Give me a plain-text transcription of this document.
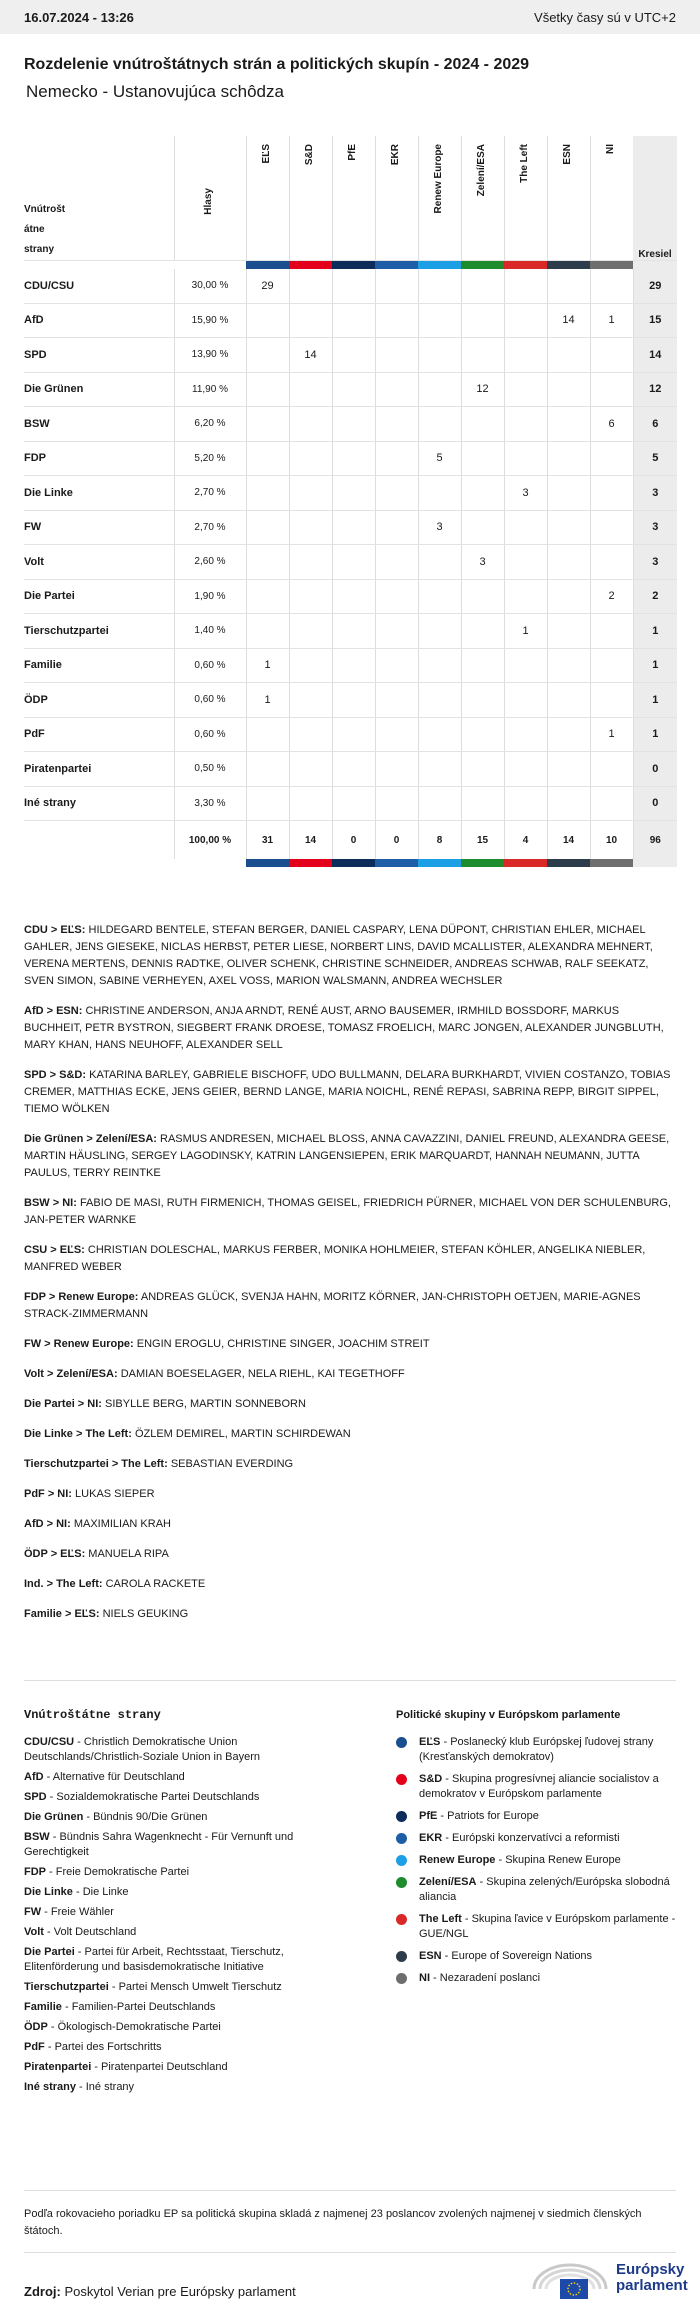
16.07.2024 - 13:26	Všetky časy sú v UTC+2
Rozdelenie vnútroštátnych strán a politických skupín - 2024 - 2029
Nemecko - Ustanovujúca schôdza
Vnútrošt
átne
strany	Hlasy	EĽS	S&D	PfE	EKR	Renew Europe	Zelení/ESA	The Left	ESN	NI	Kresiel

CDU/CSU	30,00 %	29									29
AfD	15,90 %								14	1	15
SPD	13,90 %		14								14
Die Grünen	11,90 %						12				12
BSW	6,20 %									6	6
FDP	5,20 %					5					5
Die Linke	2,70 %							3			3
FW	2,70 %					3					3
Volt	2,60 %						3				3
Die Partei	1,90 %									2	2
Tierschutzpartei	1,40 %							1			1
Familie	0,60 %	1									1
ÖDP	0,60 %	1									1
PdF	0,60 %									1	1
Piratenpartei	0,50 %										0
Iné strany	3,30 %										0
	100,00 %	31	14	0	0	8	15	4	14	10	96

CDU > EĽS: HILDEGARD BENTELE, STEFAN BERGER, DANIEL CASPARY, LENA DÜPONT, CHRISTIAN EHLER, MICHAEL GAHLER, JENS GIESEKE, NICLAS HERBST, PETER LIESE, NORBERT LINS, DAVID MCALLISTER, ALEXANDRA MEHNERT, VERENA MERTENS, DENNIS RADTKE, OLIVER SCHENK, CHRISTINE SCHNEIDER, ANDREAS SCHWAB, RALF SEEKATZ, SVEN SIMON, SABINE VERHEYEN, AXEL VOSS, MARION WALSMANN, ANDREA WECHSLER

AfD > ESN: CHRISTINE ANDERSON, ANJA ARNDT, RENÉ AUST, ARNO BAUSEMER, IRMHILD BOSSDORF, MARKUS BUCHHEIT, PETR BYSTRON, SIEGBERT FRANK DROESE, TOMASZ FROELICH, MARC JONGEN, ALEXANDER JUNGBLUTH, MARY KHAN, HANS NEUHOFF, ALEXANDER SELL

SPD > S&D: KATARINA BARLEY, GABRIELE BISCHOFF, UDO BULLMANN, DELARA BURKHARDT, VIVIEN COSTANZO, TOBIAS CREMER, MATTHIAS ECKE, JENS GEIER, BERND LANGE, MARIA NOICHL, RENÉ REPASI, SABRINA REPP, BIRGIT SIPPEL, TIEMO WÖLKEN

Die Grünen > Zelení/ESA: RASMUS ANDRESEN, MICHAEL BLOSS, ANNA CAVAZZINI, DANIEL FREUND, ALEXANDRA GEESE, MARTIN HÄUSLING, SERGEY LAGODINSKY, KATRIN LANGENSIEPEN, ERIK MARQUARDT, HANNAH NEUMANN, JUTTA PAULUS, TERRY REINTKE

BSW > NI: FABIO DE MASI, RUTH FIRMENICH, THOMAS GEISEL, FRIEDRICH PÜRNER, MICHAEL VON DER SCHULENBURG, JAN-PETER WARNKE

CSU > EĽS: CHRISTIAN DOLESCHAL, MARKUS FERBER, MONIKA HOHLMEIER, STEFAN KÖHLER, ANGELIKA NIEBLER, MANFRED WEBER

FDP > Renew Europe: ANDREAS GLÜCK, SVENJA HAHN, MORITZ KÖRNER, JAN-CHRISTOPH OETJEN, MARIE-AGNES STRACK-ZIMMERMANN

FW > Renew Europe: ENGIN EROGLU, CHRISTINE SINGER, JOACHIM STREIT

Volt > Zelení/ESA: DAMIAN BOESELAGER, NELA RIEHL, KAI TEGETHOFF

Die Partei > NI: SIBYLLE BERG, MARTIN SONNEBORN

Die Linke > The Left: ÖZLEM DEMIREL, MARTIN SCHIRDEWAN

Tierschutzpartei > The Left: SEBASTIAN EVERDING

PdF > NI: LUKAS SIEPER

AfD > NI: MAXIMILIAN KRAH

ÖDP > EĽS: MANUELA RIPA

Ind. > The Left: CAROLA RACKETE

Familie > EĽS: NIELS GEUKING

Vnútroštátne strany
CDU/CSU - Christlich Demokratische Union Deutschlands/Christlich-Soziale Union in Bayern
AfD - Alternative für Deutschland
SPD - Sozialdemokratische Partei Deutschlands
Die Grünen - Bündnis 90/Die Grünen
BSW - Bündnis Sahra Wagenknecht - Für Vernunft und Gerechtigkeit
FDP - Freie Demokratische Partei
Die Linke - Die Linke
FW - Freie Wähler
Volt - Volt Deutschland
Die Partei - Partei für Arbeit, Rechtsstaat, Tierschutz, Elitenförderung und basisdemokratische Initiative
Tierschutzpartei - Partei Mensch Umwelt Tierschutz
Familie - Familien-Partei Deutschlands
ÖDP - Ökologisch-Demokratische Partei
PdF - Partei des Fortschritts
Piratenpartei - Piratenpartei Deutschland
Iné strany - Iné strany
Politické skupiny v Európskom parlamente
EĽS - Poslanecký klub Európskej ľudovej strany (Kresťanských demokratov)
S&D - Skupina progresívnej aliancie socialistov a demokratov v Európskom parlamente
PfE - Patriots for Europe
EKR - Európski konzervatívci a reformisti
Renew Europe - Skupina Renew Europe
Zelení/ESA - Skupina zelených/Európska slobodná aliancia
The Left - Skupina ľavice v Európskom parlamente - GUE/NGL
ESN - Europe of Sovereign Nations
NI - Nezaradení poslanci
Podľa rokovacieho poriadku EP sa politická skupina skladá z najmenej 23 poslancov zvolených najmenej v siedmich členských štátoch.
Zdroj: Poskytol Verian pre Európsky parlament
Európsky
parlament
